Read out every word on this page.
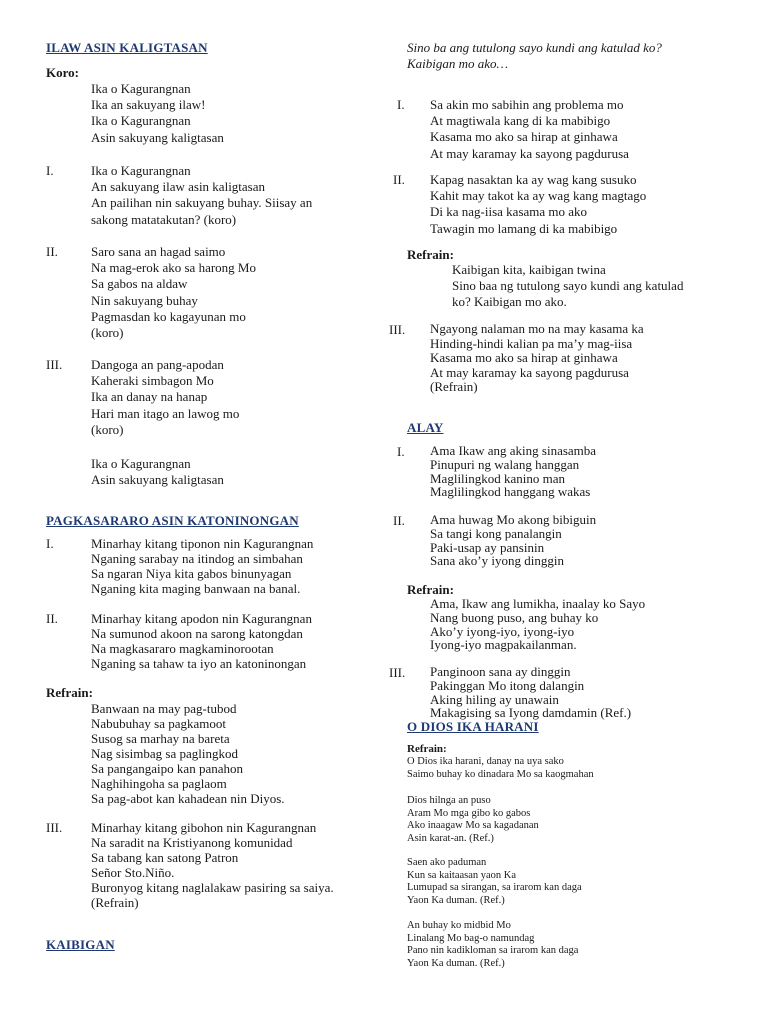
ILAW ASIN KALIGTASAN
Koro:
Ika o Kagurangnan
Ika an sakuyang ilaw!
Ika o Kagurangnan
Asin sakuyang kaligtasan
I.	Ika o Kagurangnan
An sakuyang ilaw asin kaligtasan
An pailihan nin sakuyang buhay. Siisay an
sakong matatakutan? (koro)
II.	Saro sana an hagad saimo
Na mag-erok ako sa harong Mo
Sa gabos na aldaw
Nin sakuyang buhay
Pagmasdan ko kagayunan mo
(koro)
III. Dangoga an pang-apodan
Kaheraki simbagon Mo
Ika an danay na hanap
Hari man itago an lawog mo
(koro)
Ika o Kagurangnan
Asin sakuyang kaligtasan
PAGKASARARO ASIN KATONINONGAN
I.	Minarhay kitang tiponon nin Kagurangnan
Nganing sarabay na itindog an simbahan
Sa ngaran Niya kita gabos binunyagan
Nganing kita maging banwaan na banal.
II.	Minarhay kitang apodon nin Kagurangnan
Na sumunod akoon na sarong katongdan
Na magkasararo magkaminorootan
Nganing sa tahaw ta iyo an katoninongan
Refrain:
Banwaan na may pag-tubod
Nabubuhay sa pagkamoot
Susog sa marhay na bareta
Nag sisimbag sa paglingkod
Sa pangangaipo kan panahon
Naghihingoha sa paglaom
Sa pag-abot kan kahadean nin Diyos.
III. Minarhay kitang gibohon nin Kagurangnan
Na saradit na Kristiyanong komunidad
Sa tabang kan satong Patron
Señor Sto.Niño.
Buronyog kitang naglalakaw pasiring sa saiya.
(Refrain)
KAIBIGAN
Sino ba ang tutulong sayo kundi ang katulad ko?
Kaibigan mo ako…
I. Sa akin mo sabihin ang problema mo
At magtiwala kang di ka mabibigo
Kasama mo ako sa hirap at ginhawa
At may karamay ka sayong pagdurusa
II. Kapag nasaktan ka ay wag kang susuko
Kahit may takot ka ay wag kang magtago
Di ka nag-iisa kasama mo ako
Tawagin mo lamang di ka mabibigo
Refrain:
Kaibigan kita, kaibigan twina
Sino baa ng tutulong sayo kundi ang katulad
ko? Kaibigan mo ako.
III. Ngayong nalaman mo na may kasama ka
Hinding-hindi kalian pa ma’y mag-iisa
Kasama mo ako sa hirap at ginhawa
At may karamay ka sayong pagdurusa
(Refrain)
ALAY
I. Ama Ikaw ang aking sinasamba
Pinupuri ng walang hanggan
Maglilingkod kanino man
Maglilingkod hanggang wakas
II. Ama huwag Mo akong bibiguin
Sa tangi kong panalangin
Paki-usap ay pansinin
Sana ako’y iyong dinggin
Refrain:
Ama, Ikaw ang lumikha, inaalay ko Sayo
Nang buong puso, ang buhay ko
Ako’y iyong-iyo, iyong-iyo
Iyong-iyo magpakailanman.
III. Panginoon sana ay dinggin
Pakinggan Mo itong dalangin
Aking hiling ay unawain
Makagising sa Iyong damdamin (Ref.)
O DIOS IKA HARANI
Refrain:
O Dios ika harani, danay na uya sako
Saimo buhay ko dinadara Mo sa kaogmahan
Dios hilnga an puso
Aram Mo mga gibo ko gabos
Ako inaagaw Mo sa kagadanan
Asin karat-an. (Ref.)
Saen ako paduman
Kun sa kaitaasan yaon Ka
Lumupad sa sirangan, sa irarom kan daga
Yaon Ka duman. (Ref.)
An buhay ko midbid Mo
Linalang Mo bag-o namundag
Pano nin kadikloman sa irarom kan daga
Yaon Ka duman. (Ref.)
